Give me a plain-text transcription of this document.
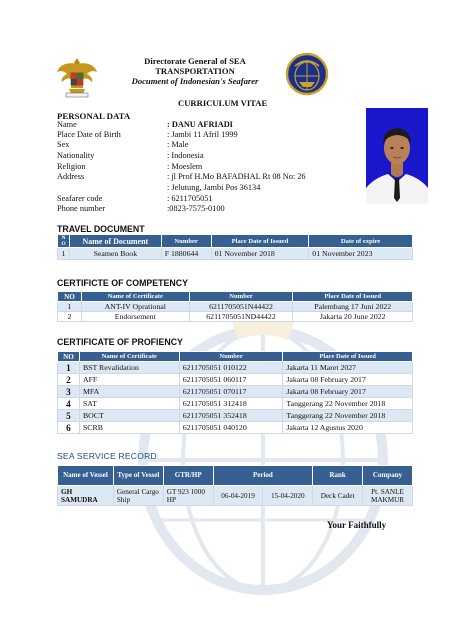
Directorate General of SEA
TRANSPORTATION
Document of Indonesian's Seafarer
CURRICULUM VITAE
PERSONAL DATA
Name	: DANU AFRIADI
Place Date of Birth	: Jambi 11 Afril 1999
Sex	: Male
Nationality	: Indonesia
Religion	: Moeslem
Address	: jl Prof H.Mo BAFADHAL Rt 08 No: 26
: Jelutung, Jambi Pos 36134
Seafarer code	: 6211705051
Phone number	:0823-7575-0100
TRAVEL DOCUMENT
N O	Name of Document	Number	Place Date of Issued	Date of expire
1	Seamen Book	F 1880644	01 November 2018	01 November 2023
CERTIFICTE OF COMPETENCY
NO	Name of Certificate	Number	Place Date of Issued
1	ANT-IV Oprational	6211705051N44422	Palembang 17 Juni 2022
2	Endorsement	6211705051ND44422	Jakarta 20 June 2022
CERTIFICATE OF PROFIENCY
NO	Name of Certificate	Number	Place Date of Issued
1	BST Revalidation	6211705051 010122	Jakarta 11 Maret 2027
2	AFF	6211705051 060117	Jakarta 08 February 2017
3	MFA	6211705051 070117	Jakarta 08 February 2017
4	SAT	6211705051 312418	Tanggerang 22 November 2018
5	BOCT	6211705051 352418	Tanggerang 22 November 2018
6	SCRB	6211705051 040120	Jakarta 12 Agustus 2020
SEA SERVICE RECORD
Name of Vessel	Type of Vessel	GTR/HP	Period		Rank	Company
GH SAMUDRA	General Cargo Ship	GT 923 1000 HP	06-04-2019	15-04-2020	Deck Cadet	Pt. SANLE MAKMUR
Your Faithfully
